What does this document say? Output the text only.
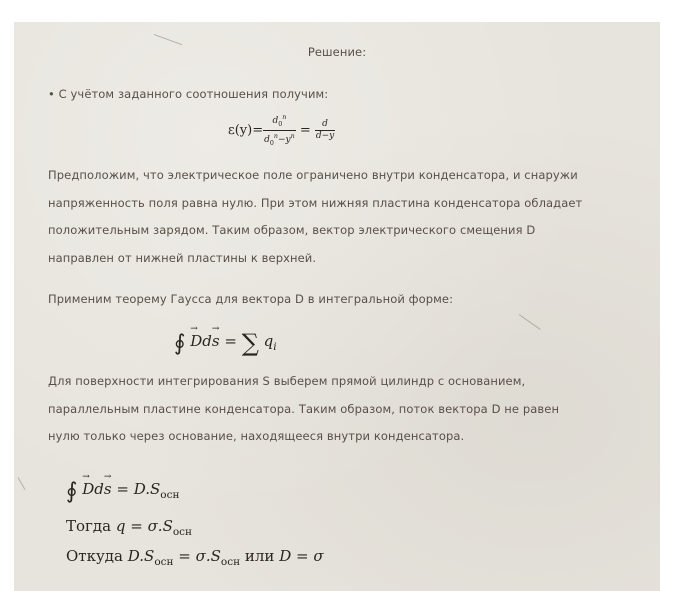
Решение:
• С учётом заданного соотношения получим:
$\varepsilon(y)= \frac{d_0^n}{d_0^n-y^n} = \frac{d}{d-y}$
Предположим, что электрическое поле ограничено внутри конденсатора, и снаружи
напряженность поля равна нулю. При этом нижняя пластина конденсатора обладает
положительным зарядом. Таким образом, вектор электрического смещения D
направлен от нижней пластины к верхней.
Применим теорему Гаусса для вектора D в интегральной форме:
∮ → Dd→ s = ∑ $q_i$
Для поверхности интегрирования S выберем прямой цилиндр с основанием,
параллельным пластине конденсатора. Таким образом, поток вектора D не равен
нулю только через основание, находящееся внутри конденсатора.
∮ → $Dd\to s = D.S_{осн}$
Тогда $q = \sigma.S_{осн}$
Откуда $D.S_{осн} = \sigma.S_{осн}$ или D = σ
